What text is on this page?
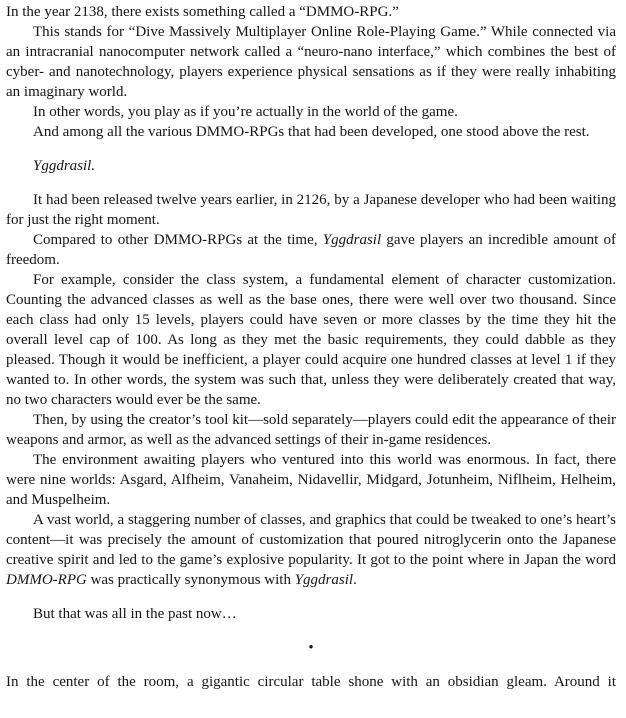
In the year 2138, there exists something called a “DMMO-RPG.”

This stands for “Dive Massively Multiplayer Online Role-Playing Game.” While connected via an intracranial nanocomputer network called a “neuro-nano interface,” which combines the best of cyber- and nanotechnology, players experience physical sensations as if they were really inhabiting an imaginary world.

In other words, you play as if you’re actually in the world of the game.

And among all the various DMMO-RPGs that had been developed, one stood above the rest.

Yggdrasil.

It had been released twelve years earlier, in 2126, by a Japanese developer who had been waiting for just the right moment.

Compared to other DMMO-RPGs at the time, Yggdrasil gave players an incredible amount of freedom.

For example, consider the class system, a fundamental element of character customization. Counting the advanced classes as well as the base ones, there were well over two thousand. Since each class had only 15 levels, players could have seven or more classes by the time they hit the overall level cap of 100. As long as they met the basic requirements, they could dabble as they pleased. Though it would be inefficient, a player could acquire one hundred classes at level 1 if they wanted to. In other words, the system was such that, unless they were deliberately created that way, no two characters would ever be the same.

Then, by using the creator’s tool kit—sold separately—players could edit the appearance of their weapons and armor, as well as the advanced settings of their in-game residences.

The environment awaiting players who ventured into this world was enormous. In fact, there were nine worlds: Asgard, Alfheim, Vanaheim, Nidavellir, Midgard, Jotunheim, Niflheim, Helheim, and Muspelheim.

A vast world, a staggering number of classes, and graphics that could be tweaked to one’s heart’s content—it was precisely the amount of customization that poured nitroglycerin onto the Japanese creative spirit and led to the game’s explosive popularity. It got to the point where in Japan the word DMMO-RPG was practically synonymous with Yggdrasil.

But that was all in the past now…

•

In the center of the room, a gigantic circular table shone with an obsidian gleam. Around it
